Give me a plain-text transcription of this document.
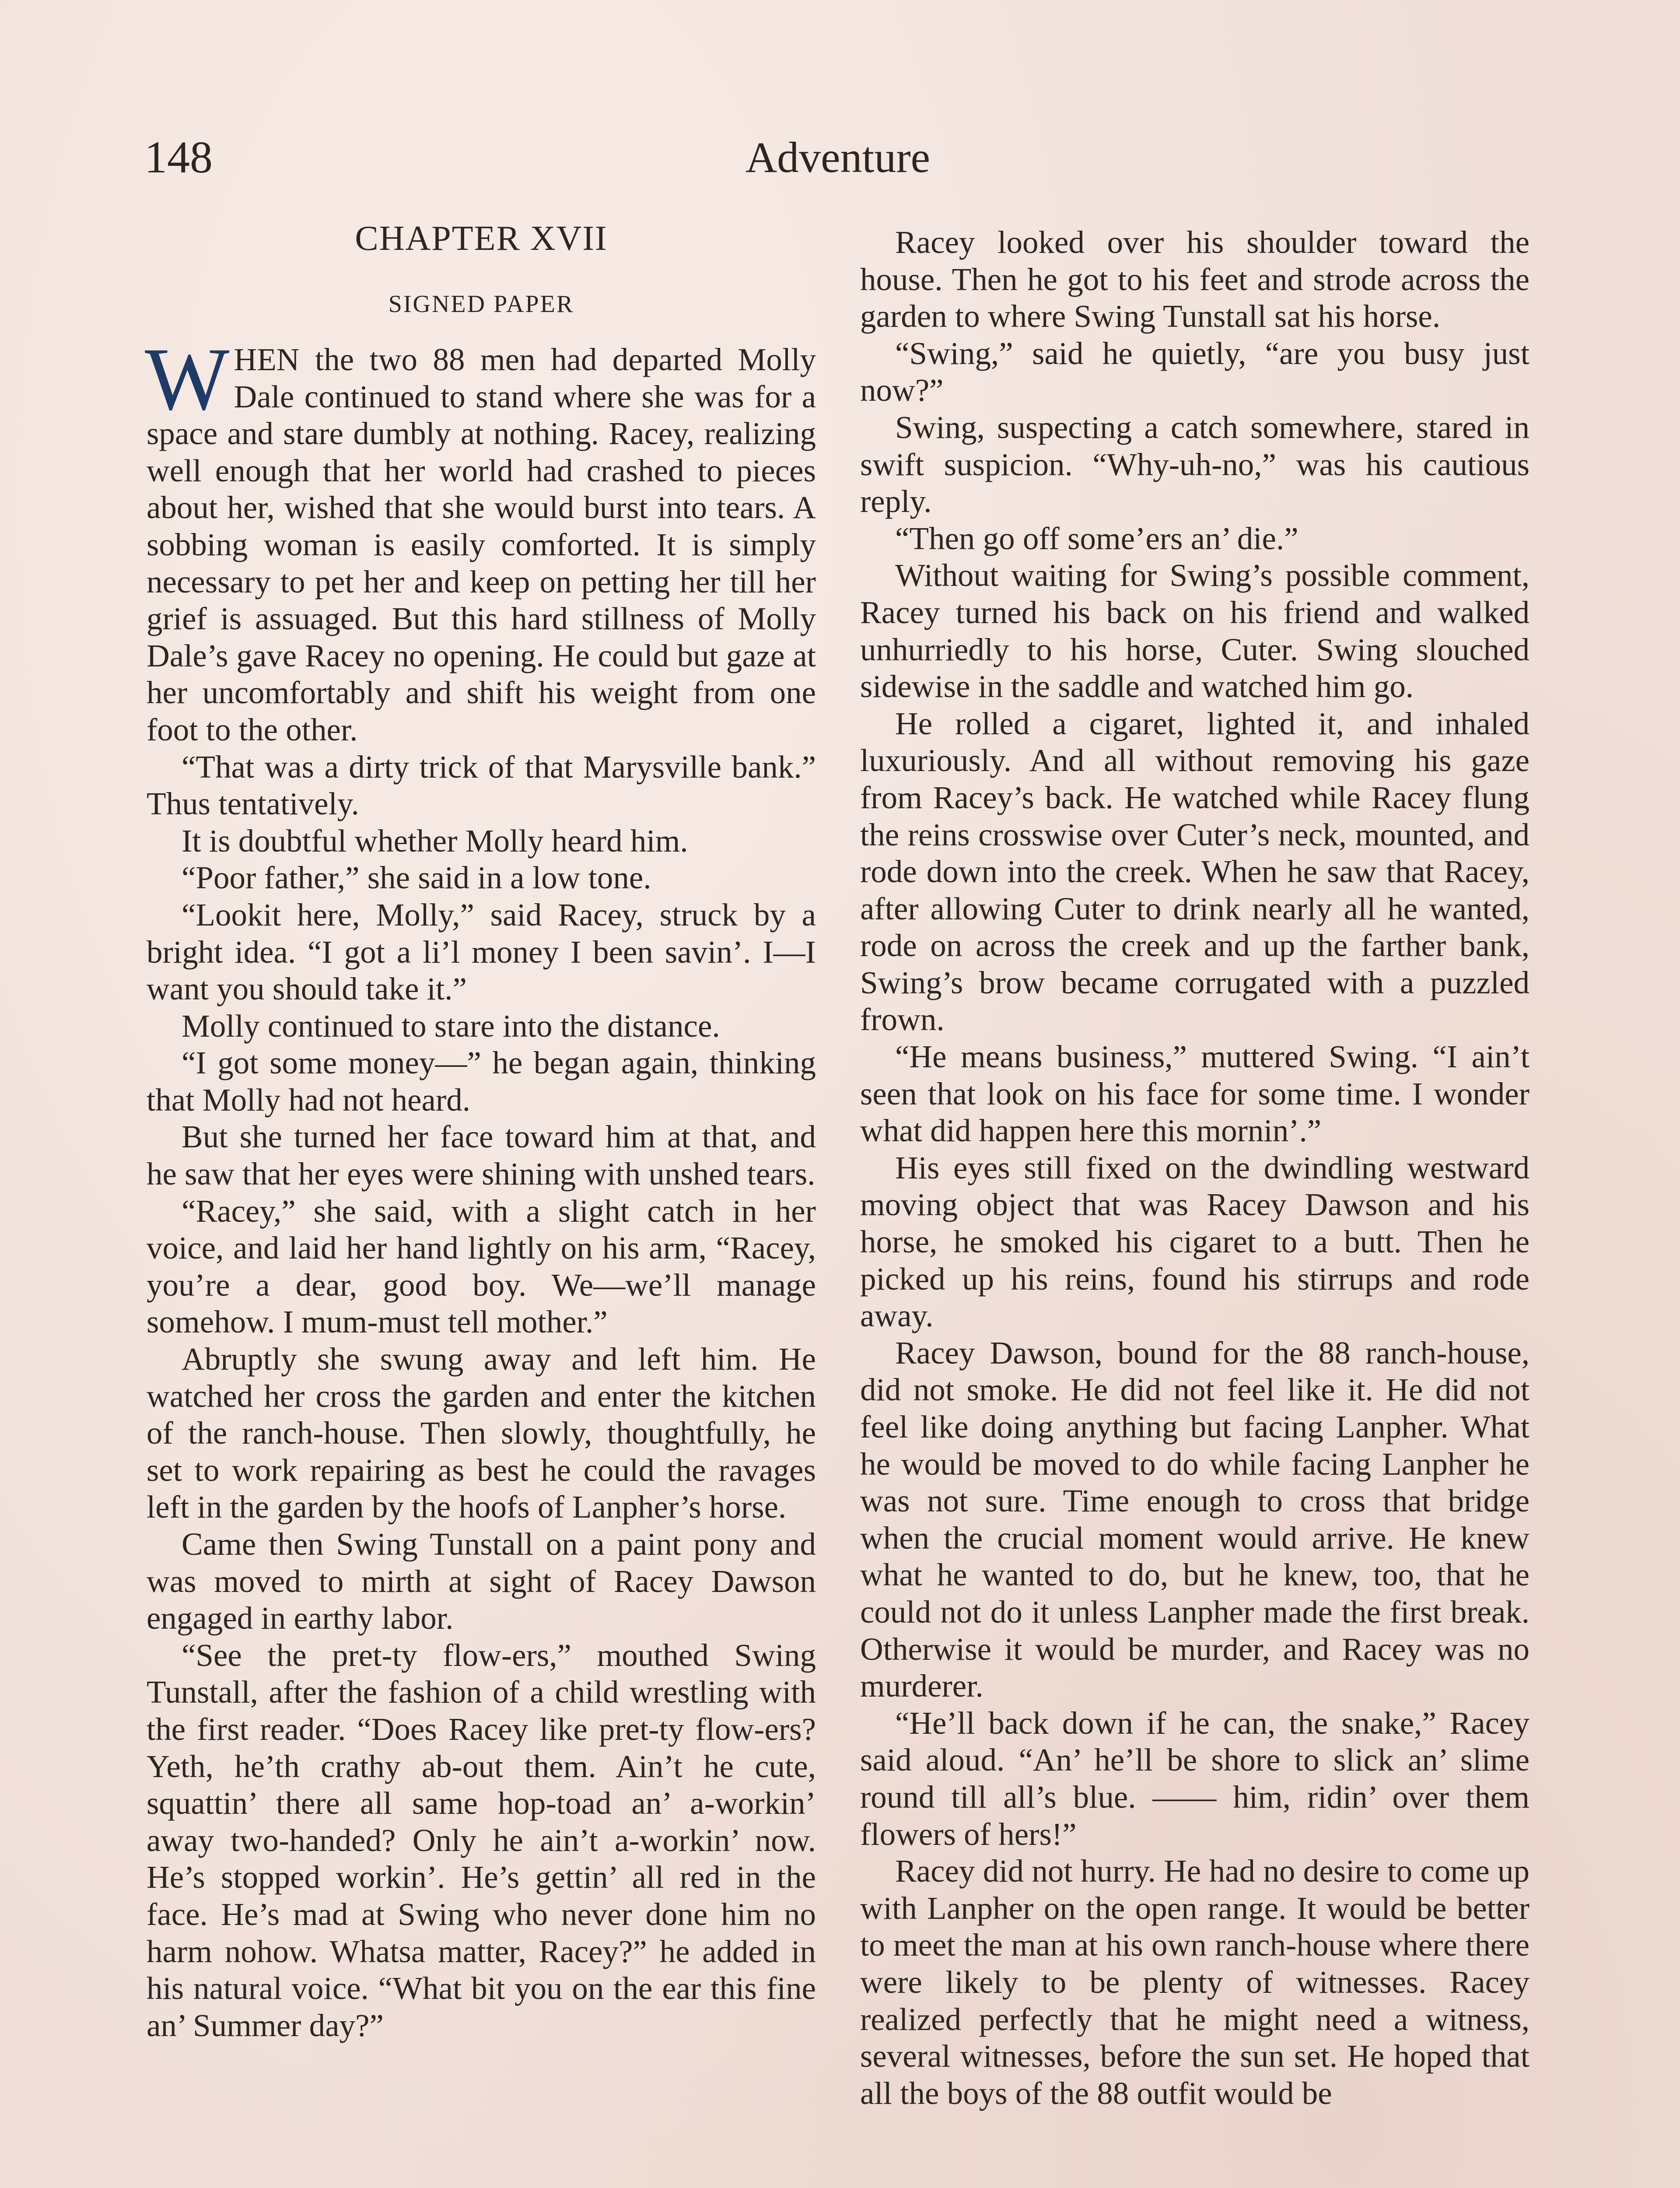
148	Adventure
CHAPTER XVII
SIGNED PAPER

WHEN the two 88 men had departed Molly Dale continued to stand where she was for a space and stare dumbly at nothing. Racey, realizing well enough that her world had crashed to pieces about her, wished that she would burst into tears. A sobbing woman is easily comforted. It is simply necessary to pet her and keep on petting her till her grief is assuaged. But this hard stillness of Molly Dale’s gave Racey no opening. He could but gaze at her uncomfortably and shift his weight from one foot to the other.

“That was a dirty trick of that Marysville bank.” Thus tentatively.

It is doubtful whether Molly heard him.

“Poor father,” she said in a low tone.

“Lookit here, Molly,” said Racey, struck by a bright idea. “I got a li’l money I been savin’. I—I want you should take it.”

Molly continued to stare into the distance.

“I got some money—” he began again, thinking that Molly had not heard.

But she turned her face toward him at that, and he saw that her eyes were shining with unshed tears.

“Racey,” she said, with a slight catch in her voice, and laid her hand lightly on his arm, “Racey, you’re a dear, good boy. We—we’ll manage somehow. I mum-must tell mother.”

Abruptly she swung away and left him. He watched her cross the garden and enter the kitchen of the ranch-house. Then slowly, thoughtfully, he set to work repairing as best he could the ravages left in the garden by the hoofs of Lanpher’s horse.

Came then Swing Tunstall on a paint pony and was moved to mirth at sight of Racey Dawson engaged in earthy labor.

“See the pret-ty flow-ers,” mouthed Swing Tunstall, after the fashion of a child wrestling with the first reader. “Does Racey like pret-ty flow-ers? Yeth, he’th crathy ab-out them. Ain’t he cute, squattin’ there all same hop-toad an’ a-workin’ away two-handed? Only he ain’t a-workin’ now. He’s stopped workin’. He’s gettin’ all red in the face. He’s mad at Swing who never done him no harm nohow. Whatsa matter, Racey?” he added in his natural voice. “What bit you on the ear this fine an’ Summer day?”

Racey looked over his shoulder toward the house. Then he got to his feet and strode across the garden to where Swing Tunstall sat his horse.

“Swing,” said he quietly, “are you busy just now?”

Swing, suspecting a catch somewhere, stared in swift suspicion. “Why-uh-no,” was his cautious reply.

“Then go off some’ers an’ die.”

Without waiting for Swing’s possible comment, Racey turned his back on his friend and walked unhurriedly to his horse, Cuter. Swing slouched sidewise in the saddle and watched him go.

He rolled a cigaret, lighted it, and inhaled luxuriously. And all without removing his gaze from Racey’s back. He watched while Racey flung the reins crosswise over Cuter’s neck, mounted, and rode down into the creek. When he saw that Racey, after allowing Cuter to drink nearly all he wanted, rode on across the creek and up the farther bank, Swing’s brow became corrugated with a puzzled frown.

“He means business,” muttered Swing. “I ain’t seen that look on his face for some time. I wonder what did happen here this mornin’.”

His eyes still fixed on the dwindling westward moving object that was Racey Dawson and his horse, he smoked his cigaret to a butt. Then he picked up his reins, found his stirrups and rode away.

Racey Dawson, bound for the 88 ranch-house, did not smoke. He did not feel like it. He did not feel like doing anything but facing Lanpher. What he would be moved to do while facing Lanpher he was not sure. Time enough to cross that bridge when the crucial moment would arrive. He knew what he wanted to do, but he knew, too, that he could not do it unless Lanpher made the first break. Otherwise it would be murder, and Racey was no murderer.

“He’ll back down if he can, the snake,” Racey said aloud. “An’ he’ll be shore to slick an’ slime round till all’s blue. —— him, ridin’ over them flowers of hers!”

Racey did not hurry. He had no desire to come up with Lanpher on the open range. It would be better to meet the man at his own ranch-house where there were likely to be plenty of witnesses. Racey realized perfectly that he might need a witness, several witnesses, before the sun set. He hoped that all the boys of the 88 outfit would be
